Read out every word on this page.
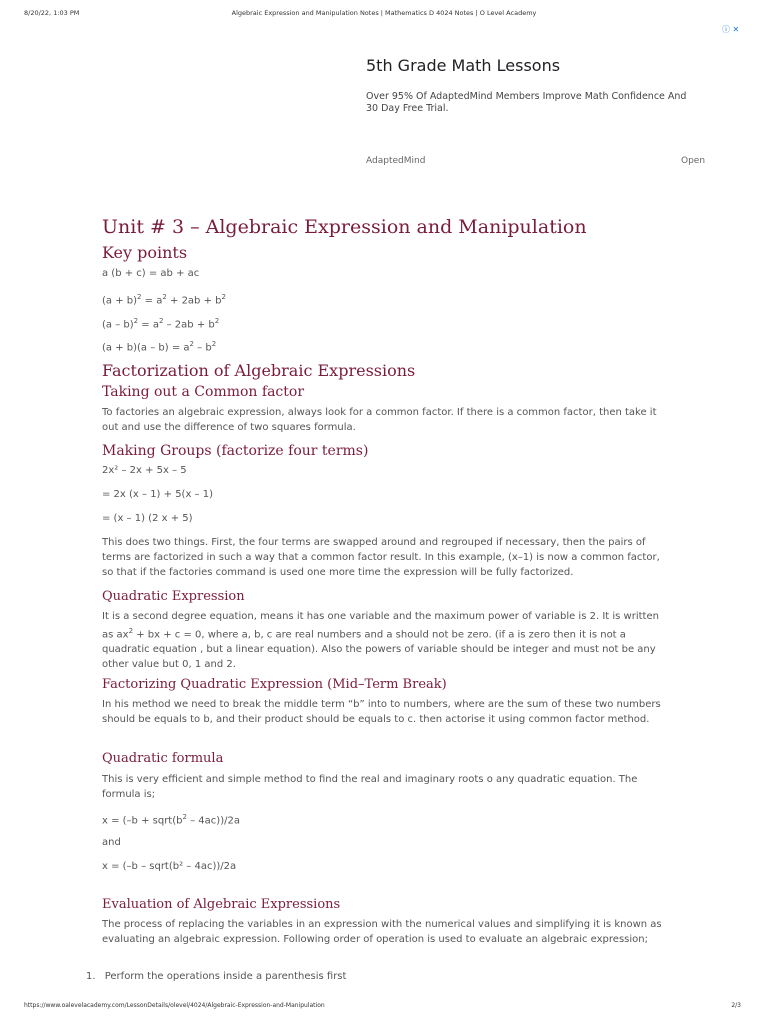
8/20/22, 1:03 PM	Algebraic Expression and Manipulation Notes | Mathematics D 4024 Notes | O Level Academy
ⓘ ✕
5th Grade Math Lessons
Over 95% Of AdaptedMind Members Improve Math Confidence And 30 Day Free Trial.
AdaptedMind	Open
Unit # 3 – Algebraic Expression and Manipulation
Key points
a (b + c) = ab + ac
$(a + b)^2 = a^2 + 2ab + b^2$
$(a - b)^2 = a^2 - 2ab + b^2$
$(a + b)(a - b) = a^2 - b^2$
Factorization of Algebraic Expressions
Taking out a Common factor
To factories an algebraic expression, always look for a common factor. If there is a common factor, then take it out and use the difference of two squares formula.
Making Groups (factorize four terms)
2x² – 2x + 5x – 5
= 2x (x – 1) + 5(x – 1)
= (x – 1) (2 x + 5)
This does two things. First, the four terms are swapped around and regrouped if necessary, then the pairs of terms are factorized in such a way that a common factor result. In this example, (x–1) is now a common factor, so that if the factories command is used one more time the expression will be fully factorized.
Quadratic Expression
It is a second degree equation, means it has one variable and the maximum power of variable is 2. It is written as $ax^2$ + bx + c = 0, where a, b, c are real numbers and a should not be zero. (if a is zero then it is not a quadratic equation , but a linear equation). Also the powers of variable should be integer and must not be any other value but 0, 1 and 2.
Factorizing Quadratic Expression (Mid–Term Break)
In his method we need to break the middle term “b” into to numbers, where are the sum of these two numbers should be equals to b, and their product should be equals to c. then actorise it using common factor method.
Quadratic formula
This is very efficient and simple method to find the real and imaginary roots o any quadratic equation. The formula is;
$x = (-b + sqrt(b^2 - 4ac))/2a$
and
x = (–b – sqrt(b² – 4ac))/2a
Evaluation of Algebraic Expressions
The process of replacing the variables in an expression with the numerical values and simplifying it is known as evaluating an algebraic expression. Following order of operation is used to evaluate an algebraic expression;
1. Perform the operations inside a parenthesis first
https://www.oalevelacademy.com/LessonDetails/olevel/4024/Algebraic-Expression-and-Manipulation	2/3
